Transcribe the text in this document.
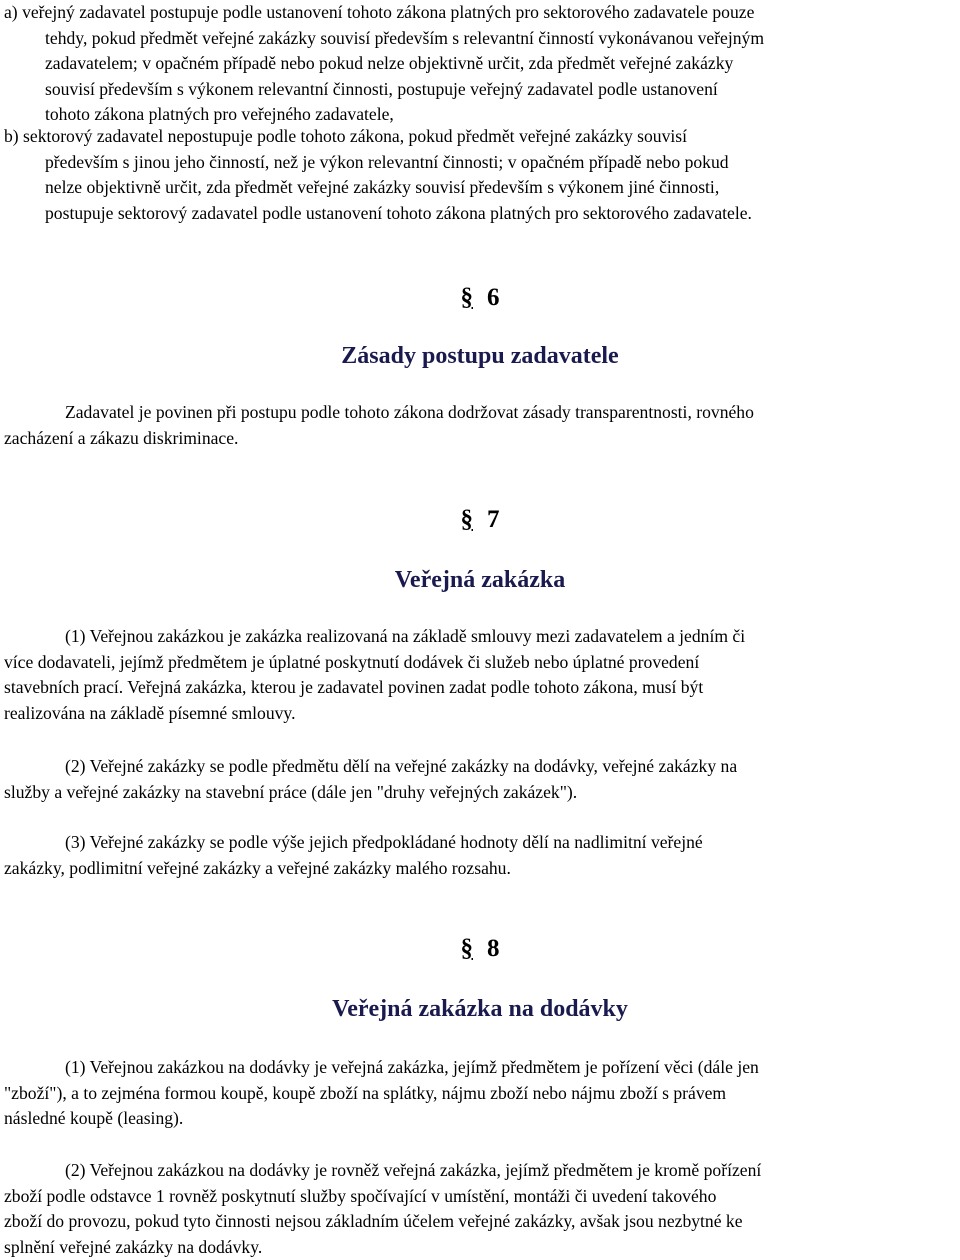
a) veřejný zadavatel postupuje podle ustanovení tohoto zákona platných pro sektorového zadavatele pouze
tehdy, pokud předmět veřejné zakázky souvisí především s relevantní činností vykonávanou veřejným
zadavatelem; v opačném případě nebo pokud nelze objektivně určit, zda předmět veřejné zakázky
souvisí především s výkonem relevantní činnosti, postupuje veřejný zadavatel podle ustanovení
tohoto zákona platných pro veřejného zadavatele,
b) sektorový zadavatel nepostupuje podle tohoto zákona, pokud předmět veřejné zakázky souvisí
především s jinou jeho činností, než je výkon relevantní činnosti; v opačném případě nebo pokud
nelze objektivně určit, zda předmět veřejné zakázky souvisí především s výkonem jiné činnosti,
postupuje sektorový zadavatel podle ustanovení tohoto zákona platných pro sektorového zadavatele.
§ 6
Zásady postupu zadavatele
Zadavatel je povinen při postupu podle tohoto zákona dodržovat zásady transparentnosti, rovného
zacházení a zákazu diskriminace.
§ 7
Veřejná zakázka
(1) Veřejnou zakázkou je zakázka realizovaná na základě smlouvy mezi zadavatelem a jedním či
více dodavateli, jejímž předmětem je úplatné poskytnutí dodávek či služeb nebo úplatné provedení
stavebních prací. Veřejná zakázka, kterou je zadavatel povinen zadat podle tohoto zákona, musí být
realizována na základě písemné smlouvy.
(2) Veřejné zakázky se podle předmětu dělí na veřejné zakázky na dodávky, veřejné zakázky na
služby a veřejné zakázky na stavební práce (dále jen "druhy veřejných zakázek").
(3) Veřejné zakázky se podle výše jejich předpokládané hodnoty dělí na nadlimitní veřejné
zakázky, podlimitní veřejné zakázky a veřejné zakázky malého rozsahu.
§ 8
Veřejná zakázka na dodávky
(1) Veřejnou zakázkou na dodávky je veřejná zakázka, jejímž předmětem je pořízení věci (dále jen
"zboží"), a to zejména formou koupě, koupě zboží na splátky, nájmu zboží nebo nájmu zboží s právem
následné koupě (leasing).
(2) Veřejnou zakázkou na dodávky je rovněž veřejná zakázka, jejímž předmětem je kromě pořízení
zboží podle odstavce 1 rovněž poskytnutí služby spočívající v umístění, montáži či uvedení takového
zboží do provozu, pokud tyto činnosti nejsou základním účelem veřejné zakázky, avšak jsou nezbytné ke
splnění veřejné zakázky na dodávky.
